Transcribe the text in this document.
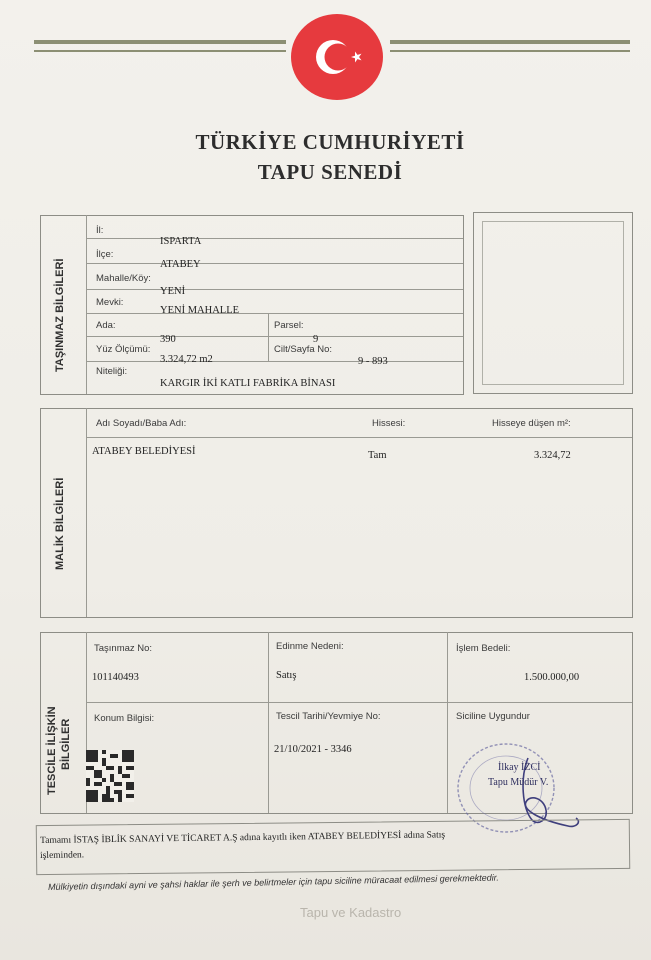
TÜRKİYE CUMHURİYETİ
TAPU SENEDİ
TAŞINMAZ BİLGİLERİ
İl:
ISPARTA
İlçe:
ATABEY
Mahalle/Köy:
YENİ
Mevki:
YENİ MAHALLE
Ada:
390
Parsel:
9
Yüz Ölçümü:
3.324,72 m2
Cilt/Sayfa No:
9 - 893
Niteliği:
KARGIR İKİ KATLI FABRİKA BİNASI
MALİK BİLGİLERİ
Adı Soyadı/Baba Adı:	Hissesi:	Hisseye düşen m²:
ATABEY BELEDİYESİ	Tam	3.324,72
TESCİLE İLİŞKİN BİLGİLER
Taşınmaz No:
101140493
Edinme Nedeni:
Satış
İşlem Bedeli:
1.500.000,00
Konum Bilgisi:	Tescil Tarihi/Yevmiye No:
21/10/2021 - 3346
Siciline Uygundur
İlkay İZCİ
Tapu Müdür V.
Tamamı İSTAŞ İBLİK SANAYİ VE TİCARET A.Ş adına kayıtlı iken ATABEY BELEDİYESİ adına Satış
işleminden.
Mülkiyetin dışındaki ayni ve şahsi haklar ile şerh ve belirtmeler için tapu siciline müracaat edilmesi gerekmektedir.
Tapu ve Kadastro
